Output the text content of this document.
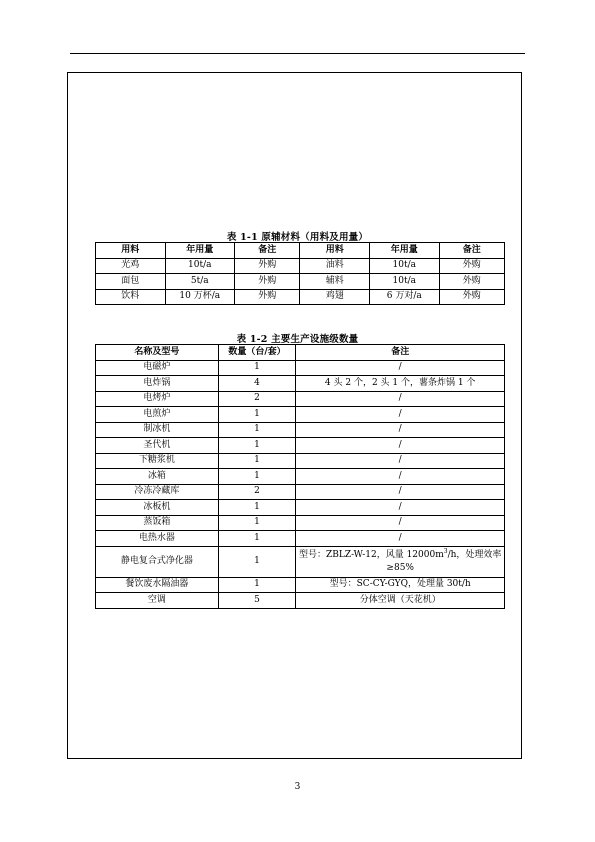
表 1-1 原辅材料（用料及用量）
用料	年用量	备注	用料	年用量	备注
光鸡	10t/a	外购	油料	10t/a	外购
面包	5t/a	外购	辅料	10t/a	外购
饮料	10 万杯/a	外购	鸡翅	6 万对/a	外购
表 1-2 主要生产设施级数量
名称及型号	数量（台/套）	备注
电磁炉	1	/
电炸锅	4	4 头 2 个，2 头 1 个，薯条炸锅 1 个
电烤炉	2	/
电煎炉	1	/
制冰机	1	/
圣代机	1	/
下糖浆机	1	/
冰箱	1	/
冷冻冷藏库	2	/
冰板机	1	/
蒸饭箱	1	/
电热水器	1	/
静电复合式净化器	1	型号：ZBLZ-W-12，风量 $12000m^3/h$，处理效率≥85%
餐饮废水隔油器	1	型号：SC-CY-GYQ，处理量 30t/h
空调	5	分体空调（天花机）
3
